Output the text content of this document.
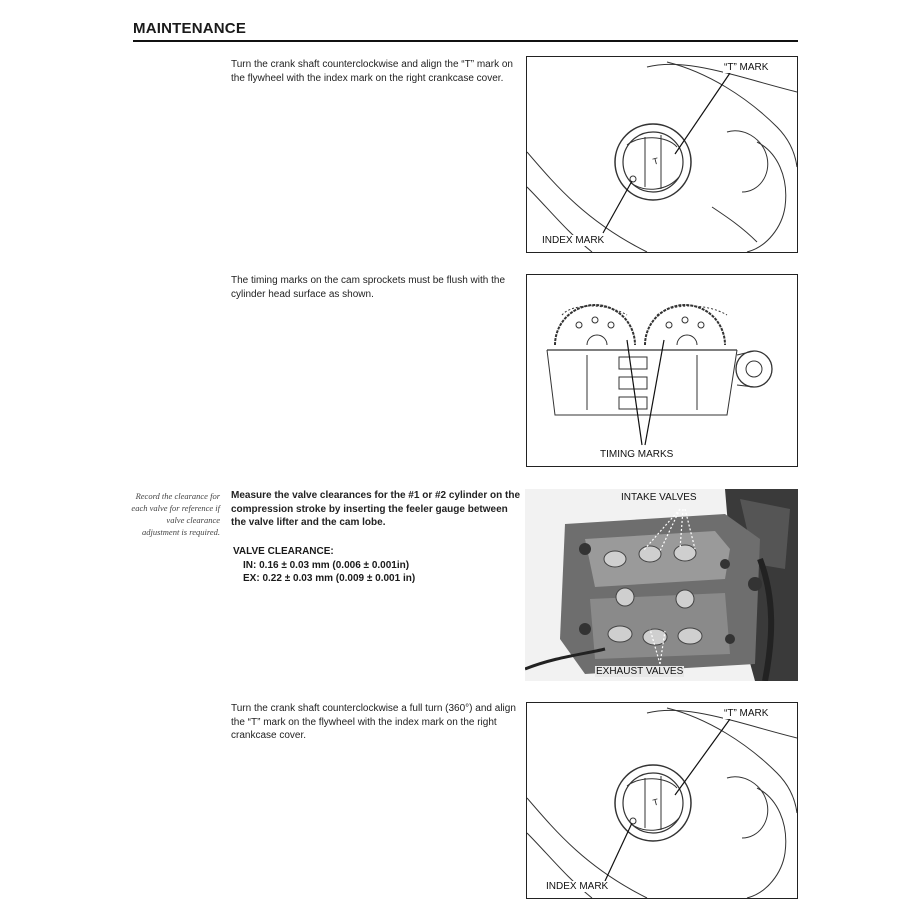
MAINTENANCE
Turn the crank shaft counterclockwise and align the “T” mark on the flywheel with the index mark on the right crankcase cover.
T
“T” MARK
INDEX MARK
The timing marks on the cam sprockets must be flush with the cylinder head surface as shown.
TIMING MARKS
Record the clearance for each valve for reference if valve clearance adjustment is required.
Measure the valve clearances for the #1 or #2 cylinder on the compression stroke by inserting the feeler gauge between the valve lifter and the cam lobe.
VALVE CLEARANCE:
IN: 0.16 ± 0.03 mm (0.006 ± 0.001in)
EX: 0.22 ± 0.03 mm (0.009 ± 0.001 in)
INTAKE VALVES
EXHAUST VALVES
Turn the crank shaft counterclockwise a full turn (360°) and align the “T” mark on the flywheel with the index mark on the right crankcase cover.
T
“T” MARK
INDEX MARK
